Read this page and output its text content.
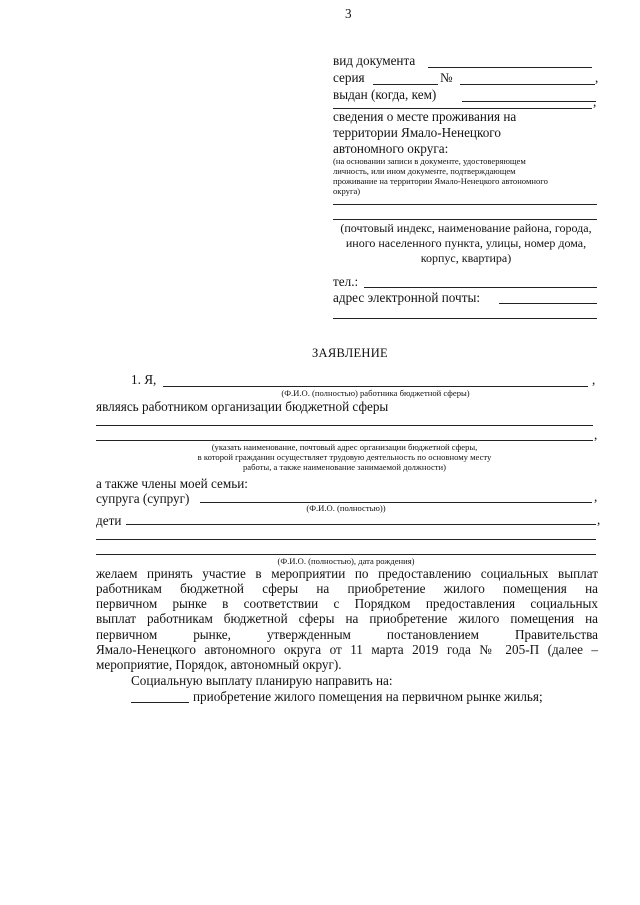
3
вид документа
серия	№	,
выдан (когда, кем)	,
сведения о месте проживания на
территории Ямало-Ненецкого
автономного округа:
(на основании записи в документе, удостоверяющем
личность, или ином документе, подтверждающем
проживание на территории Ямало-Ненецкого автономного
округа)
(почтовый индекс, наименование района, города,
иного населенного пункта, улицы, номер дома,
корпус, квартира)
тел.:
адрес электронной почты:
ЗАЯВЛЕНИЕ
1. Я,	,
(Ф.И.О. (полностью) работника бюджетной сферы)
являясь работником организации бюджетной сферы
,
(указать наименование, почтовый адрес организации бюджетной сферы,
в которой гражданин осуществляет трудовую деятельность по основному месту
работы, а также наименование занимаемой должности)
а также члены моей семьи:
супруга (супруг)	,
(Ф.И.О. (полностью))
дети	,
(Ф.И.О. (полностью), дата рождения)
желаем принять участие в мероприятии по предоставлению социальных выплат
работникам бюджетной сферы на приобретение жилого помещения на
первичном рынке в соответствии с Порядком предоставления социальных
выплат работникам бюджетной сферы на приобретение жилого помещения на
первичном рынке, утвержденным постановлением Правительства
Ямало-Ненецкого автономного округа от 11 марта 2019 года № 205-П (далее –
мероприятие, Порядок, автономный округ).
Социальную выплату планирую направить на:
приобретение жилого помещения на первичном рынке жилья;
